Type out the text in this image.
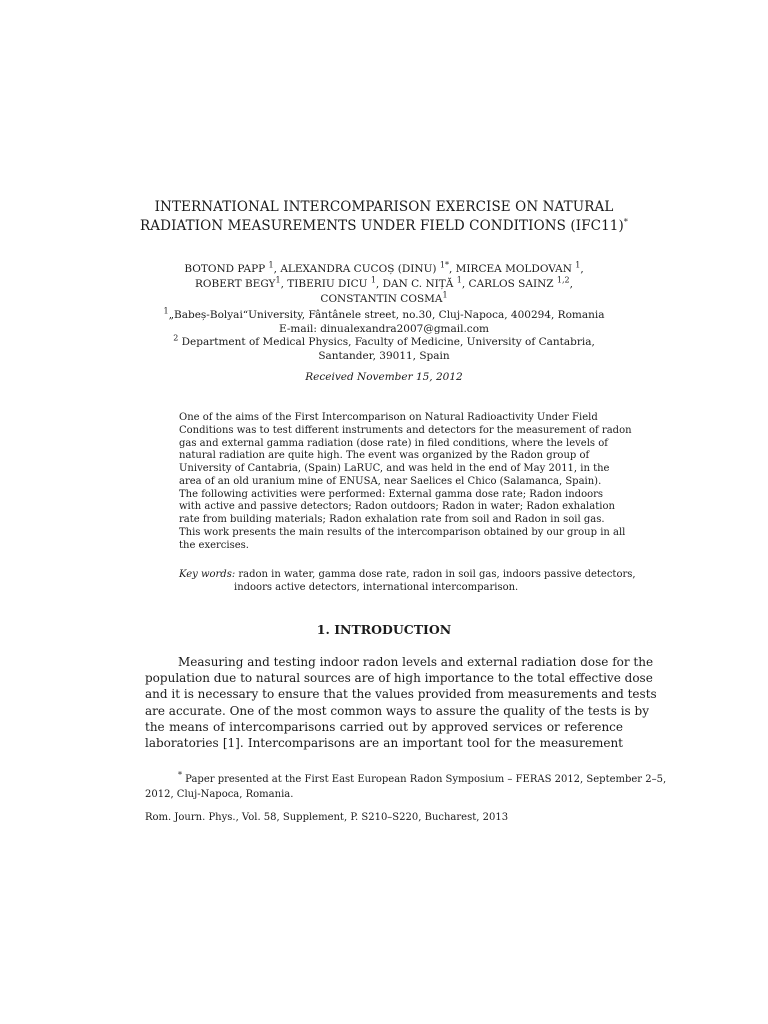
INTERNATIONAL INTERCOMPARISON EXERCISE ON NATURAL
RADIATION MEASUREMENTS UNDER FIELD CONDITIONS (IFC11)*
BOTOND PAPP $^1$, ALEXANDRA CUCOȘ (DINU) $^{1*}$, MIRCEA MOLDOVAN $^1$,
ROBERT BEGY$^1$, TIBERIU DICU $^1$, DAN C. NIȚĂ $^1$, CARLOS SAINZ $^{1,2}$,
CONSTANTIN COSMA$^1$
$^1$„Babeș-Bolyai“University, Fântânele street, no.30, Cluj-Napoca, 400294, Romania
E-mail: dinualexandra2007@gmail.com
$^2$ Department of Medical Physics, Faculty of Medicine, University of Cantabria,
Santander, 39011, Spain
Received November 15, 2012
One of the aims of the First Intercomparison on Natural Radioactivity Under Field
Conditions was to test different instruments and detectors for the measurement of radon
gas and external gamma radiation (dose rate) in filed conditions, where the levels of
natural radiation are quite high. The event was organized by the Radon group of
University of Cantabria, (Spain) LaRUC, and was held in the end of May 2011, in the
area of an old uranium mine of ENUSA, near Saelices el Chico (Salamanca, Spain).
The following activities were performed: External gamma dose rate; Radon indoors
with active and passive detectors; Radon outdoors; Radon in water; Radon exhalation
rate from building materials; Radon exhalation rate from soil and Radon in soil gas.
This work presents the main results of the intercomparison obtained by our group in all
the exercises.
Key words: radon in water, gamma dose rate, radon in soil gas, indoors passive detectors,
indoors active detectors, international intercomparison.
1. INTRODUCTION
Measuring and testing indoor radon levels and external radiation dose for the
population due to natural sources are of high importance to the total effective dose
and it is necessary to ensure that the values provided from measurements and tests
are accurate. One of the most common ways to assure the quality of the tests is by
the means of intercomparisons carried out by approved services or reference
laboratories [1]. Intercomparisons are an important tool for the measurement
* Paper presented at the First East European Radon Symposium – FERAS 2012, September 2–5,
2012, Cluj-Napoca, Romania.
Rom. Journ. Phys., Vol. 58, Supplement, P. S210–S220, Bucharest, 2013
